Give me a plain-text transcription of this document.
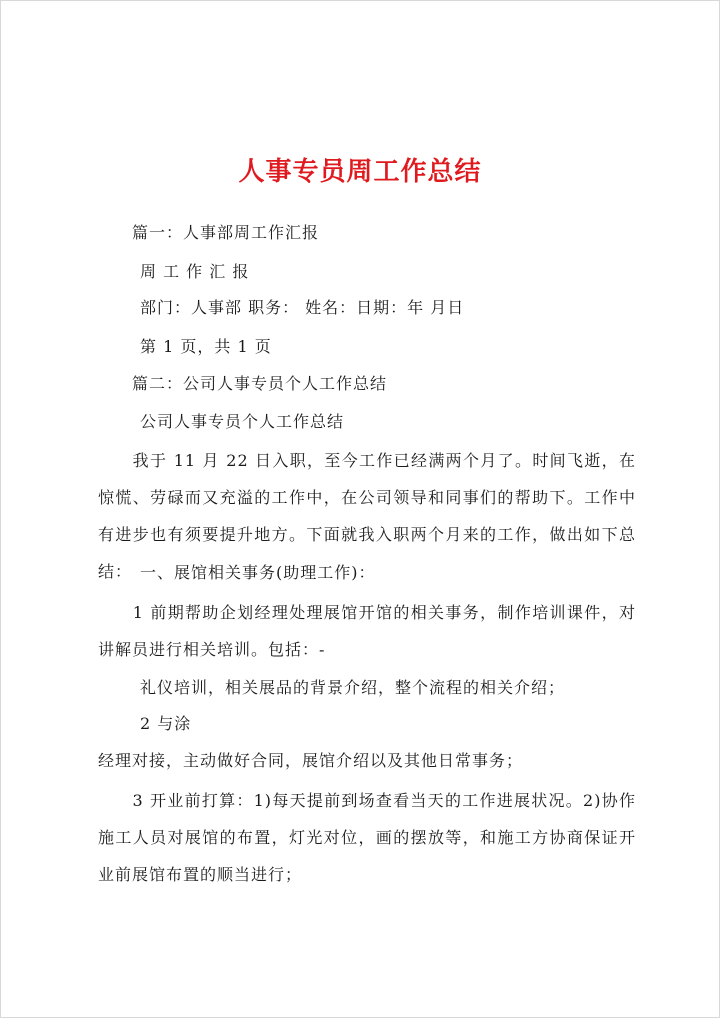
人事专员周工作总结
篇一：人事部周工作汇报
周 工 作 汇 报
部门：人事部 职务： 姓名：日期：年 月日
第 1 页，共 1 页
篇二：公司人事专员个人工作总结
公司人事专员个人工作总结
　　我于 11 月 22 日入职，至今工作已经满两个月了。时间飞逝，在惊慌、劳碌而又充溢的工作中，在公司领导和同事们的帮助下。工作中有进步也有须要提升地方。下面就我入职两个月来的工作，做出如下总结： 一、展馆相关事务(助理工作)：
　　1 前期帮助企划经理处理展馆开馆的相关事务，制作培训课件，对讲解员进行相关培训。包括：-
礼仪培训，相关展品的背景介绍，整个流程的相关介绍；
2 与涂
经理对接，主动做好合同，展馆介绍以及其他日常事务；
　　3 开业前打算：1)每天提前到场查看当天的工作进展状况。2)协作施工人员对展馆的布置，灯光对位，画的摆放等，和施工方协商保证开业前展馆布置的顺当进行；
